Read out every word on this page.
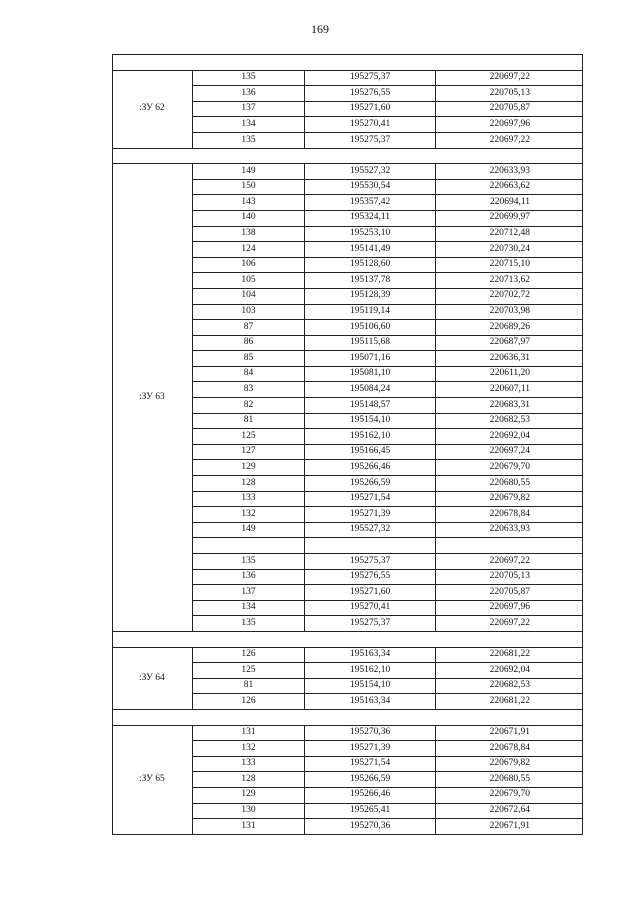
169

:ЗУ 62	135	195275,37	220697,22
	136	195276,55	220705,13
	137	195271,60	220705,87
	134	195270,41	220697,96
	135	195275,37	220697,22

:ЗУ 63	149	195527,32	220633,93
	150	195530,54	220663,62
	143	195357,42	220694,11
	140	195324,11	220699,97
	138	195253,10	220712,48
	124	195141,49	220730,24
	106	195128,60	220715,10
	105	195137,78	220713,62
	104	195128,39	220702,72
	103	195119,14	220703,98
	87	195106,60	220689,26
	86	195115,68	220687,97
	85	195071,16	220636,31
	84	195081,10	220611,20
	83	195084,24	220607,11
	82	195148,57	220683,31
	81	195154,10	220682,53
	125	195162,10	220692,04
	127	195166,45	220697,24
	129	195266,46	220679,70
	128	195266,59	220680,55
	133	195271,54	220679,82
	132	195271,39	220678,84
	149	195527,32	220633,93

	135	195275,37	220697,22
	136	195276,55	220705,13
	137	195271,60	220705,87
	134	195270,41	220697,96
	135	195275,37	220697,22

:ЗУ 64	126	195163,34	220681,22
	125	195162,10	220692,04
	81	195154,10	220682,53
	126	195163,34	220681,22

:ЗУ 65	131	195270,36	220671,91
	132	195271,39	220678,84
	133	195271,54	220679,82
	128	195266,59	220680,55
	129	195266,46	220679,70
	130	195265,41	220672,64
	131	195270,36	220671,91
